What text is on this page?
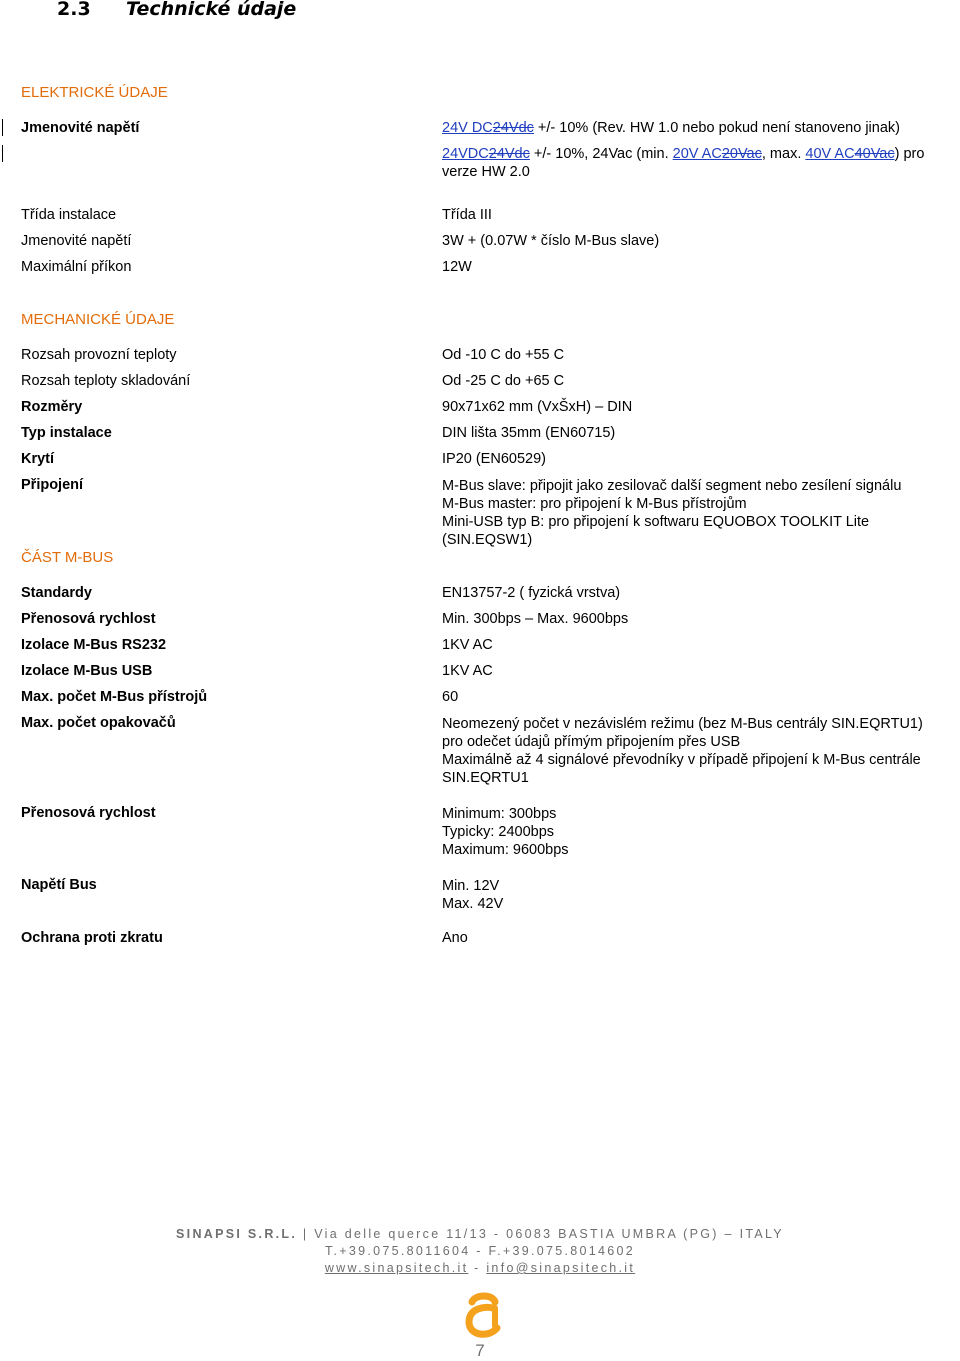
2.3 Technické údaje
ELEKTRICKÉ ÚDAJE
Jmenovité napětí	24V DC24Vdc +/- 10% (Rev. HW 1.0 nebo pokud není stanoveno jinak)
24VDC24Vdc +/- 10%, 24Vac (min. 20V AC20Vac, max. 40V AC40Vac) pro
verze HW 2.0
Třída instalace	Třída III
Jmenovité napětí	3W + (0.07W * číslo M-Bus slave)
Maximální příkon	12W
MECHANICKÉ ÚDAJE
Rozsah provozní teploty	Od -10 C do +55 C
Rozsah teploty skladování	Od -25 C do +65 C
Rozměry	90x71x62 mm (VxŠxH) – DIN
Typ instalace	DIN lišta 35mm (EN60715)
Krytí	IP20 (EN60529)
Připojení	M-Bus slave: připojit jako zesilovač další segment nebo zesílení signálu
M-Bus master: pro připojení k M-Bus přístrojům
Mini-USB typ B: pro připojení k softwaru EQUOBOX TOOLKIT Lite
(SIN.EQSW1)
ČÁST M-BUS
Standardy	EN13757-2 ( fyzická vrstva)
Přenosová rychlost	Min. 300bps – Max. 9600bps
Izolace M-Bus RS232	1KV AC
Izolace M-Bus USB	1KV AC
Max. počet M-Bus přístrojů	60
Max. počet opakovačů	Neomezený počet v nezávislém režimu (bez M-Bus centrály SIN.EQRTU1)
pro odečet údajů přímým připojením přes USB
Maximálně až 4 signálové převodníky v případě připojení k M-Bus centrále
SIN.EQRTU1
Přenosová rychlost	Minimum: 300bps
Typicky: 2400bps
Maximum: 9600bps
Napětí Bus	Min. 12V
Max. 42V
Ochrana proti zkratu	Ano
SINAPSI S.R.L. | Via delle querce 11/13 - 06083 BASTIA UMBRA (PG) – ITALY
T.+39.075.8011604 - F.+39.075.8014602
www.sinapsitech.it - info@sinapsitech.it
7
